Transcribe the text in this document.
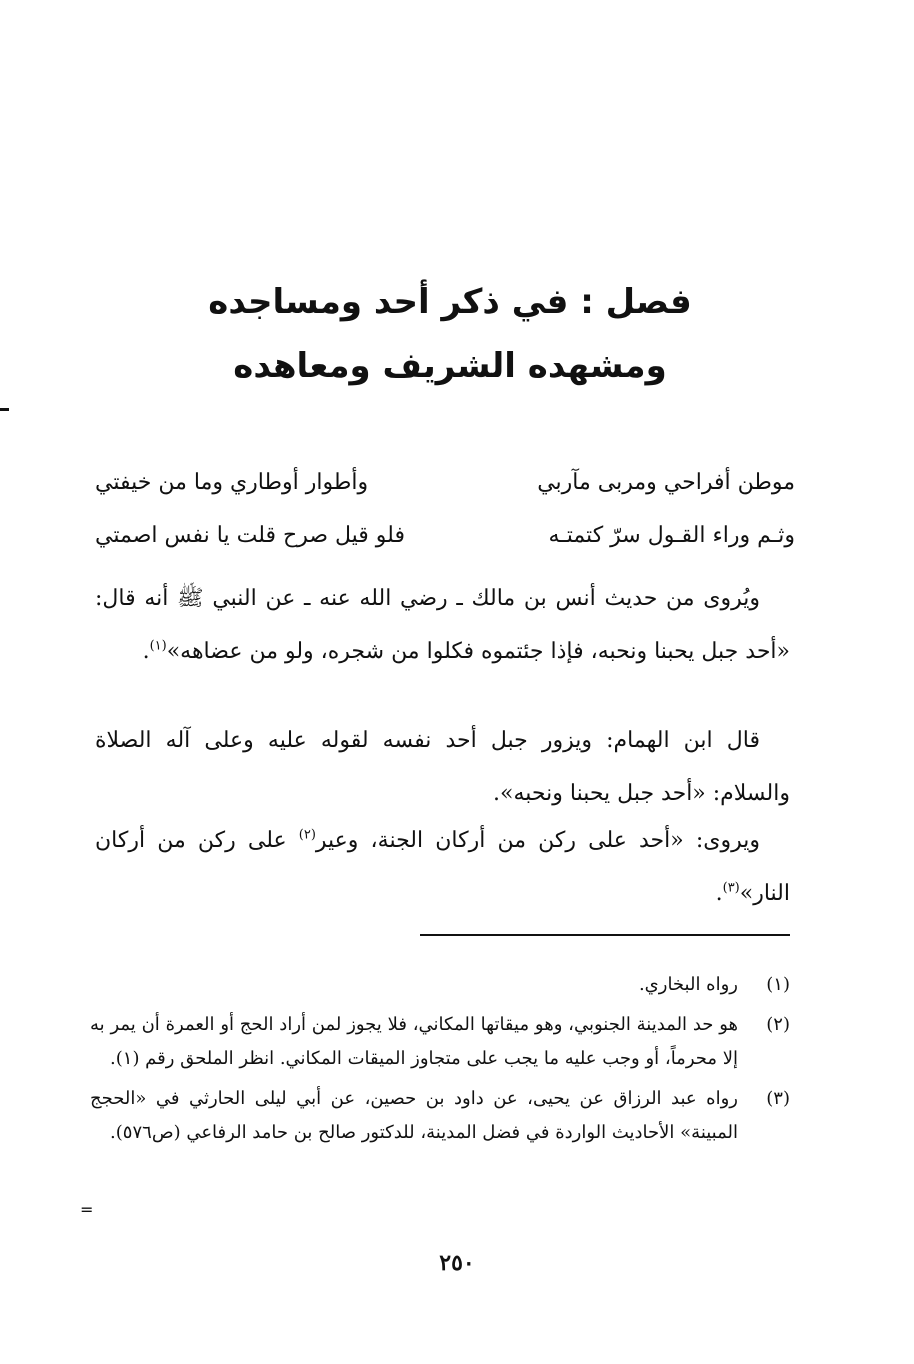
فصل : في ذكر أحد ومساجده
ومشهده الشريف ومعاهده
موطن أفراحي ومربى مآربي
وأطوار أوطاري وما من خيفتي
وثـم وراء القـول سرّ كتمتـه
فلو قيل صرح قلت يا نفس اصمتي

ويُروى من حديث أنس بن مالك ـ رضي الله عنه ـ عن النبي ﷺ أنه قال: «أحد جبل يحبنا ونحبه، فإذا جئتموه فكلوا من شجره، ولو من عضاهه»$^{(١)}$.

قال ابن الهمام: ويزور جبل أحد نفسه لقوله عليه وعلى آله الصلاة والسلام: «أحد جبل يحبنا ونحبه».

ويروى: «أحد على ركن من أركان الجنة، وعير$^{(٢)}$ على ركن من أركان النار»$^{(٣)}$.

(١)
رواه البخاري.
(٢)
هو حد المدينة الجنوبي، وهو ميقاتها المكاني، فلا يجوز لمن أراد الحج أو العمرة أن يمر به إلا محرماً، أو وجب عليه ما يجب على متجاوز الميقات المكاني. انظر الملحق رقم (١).
(٣)
رواه عبد الرزاق عن يحيى، عن داود بن حصين، عن أبي ليلى الحارثي في «الحجج المبينة» الأحاديث الواردة في فضل المدينة، للدكتور صالح بن حامد الرفاعي (ص٥٧٦).
=
٢٥٠
